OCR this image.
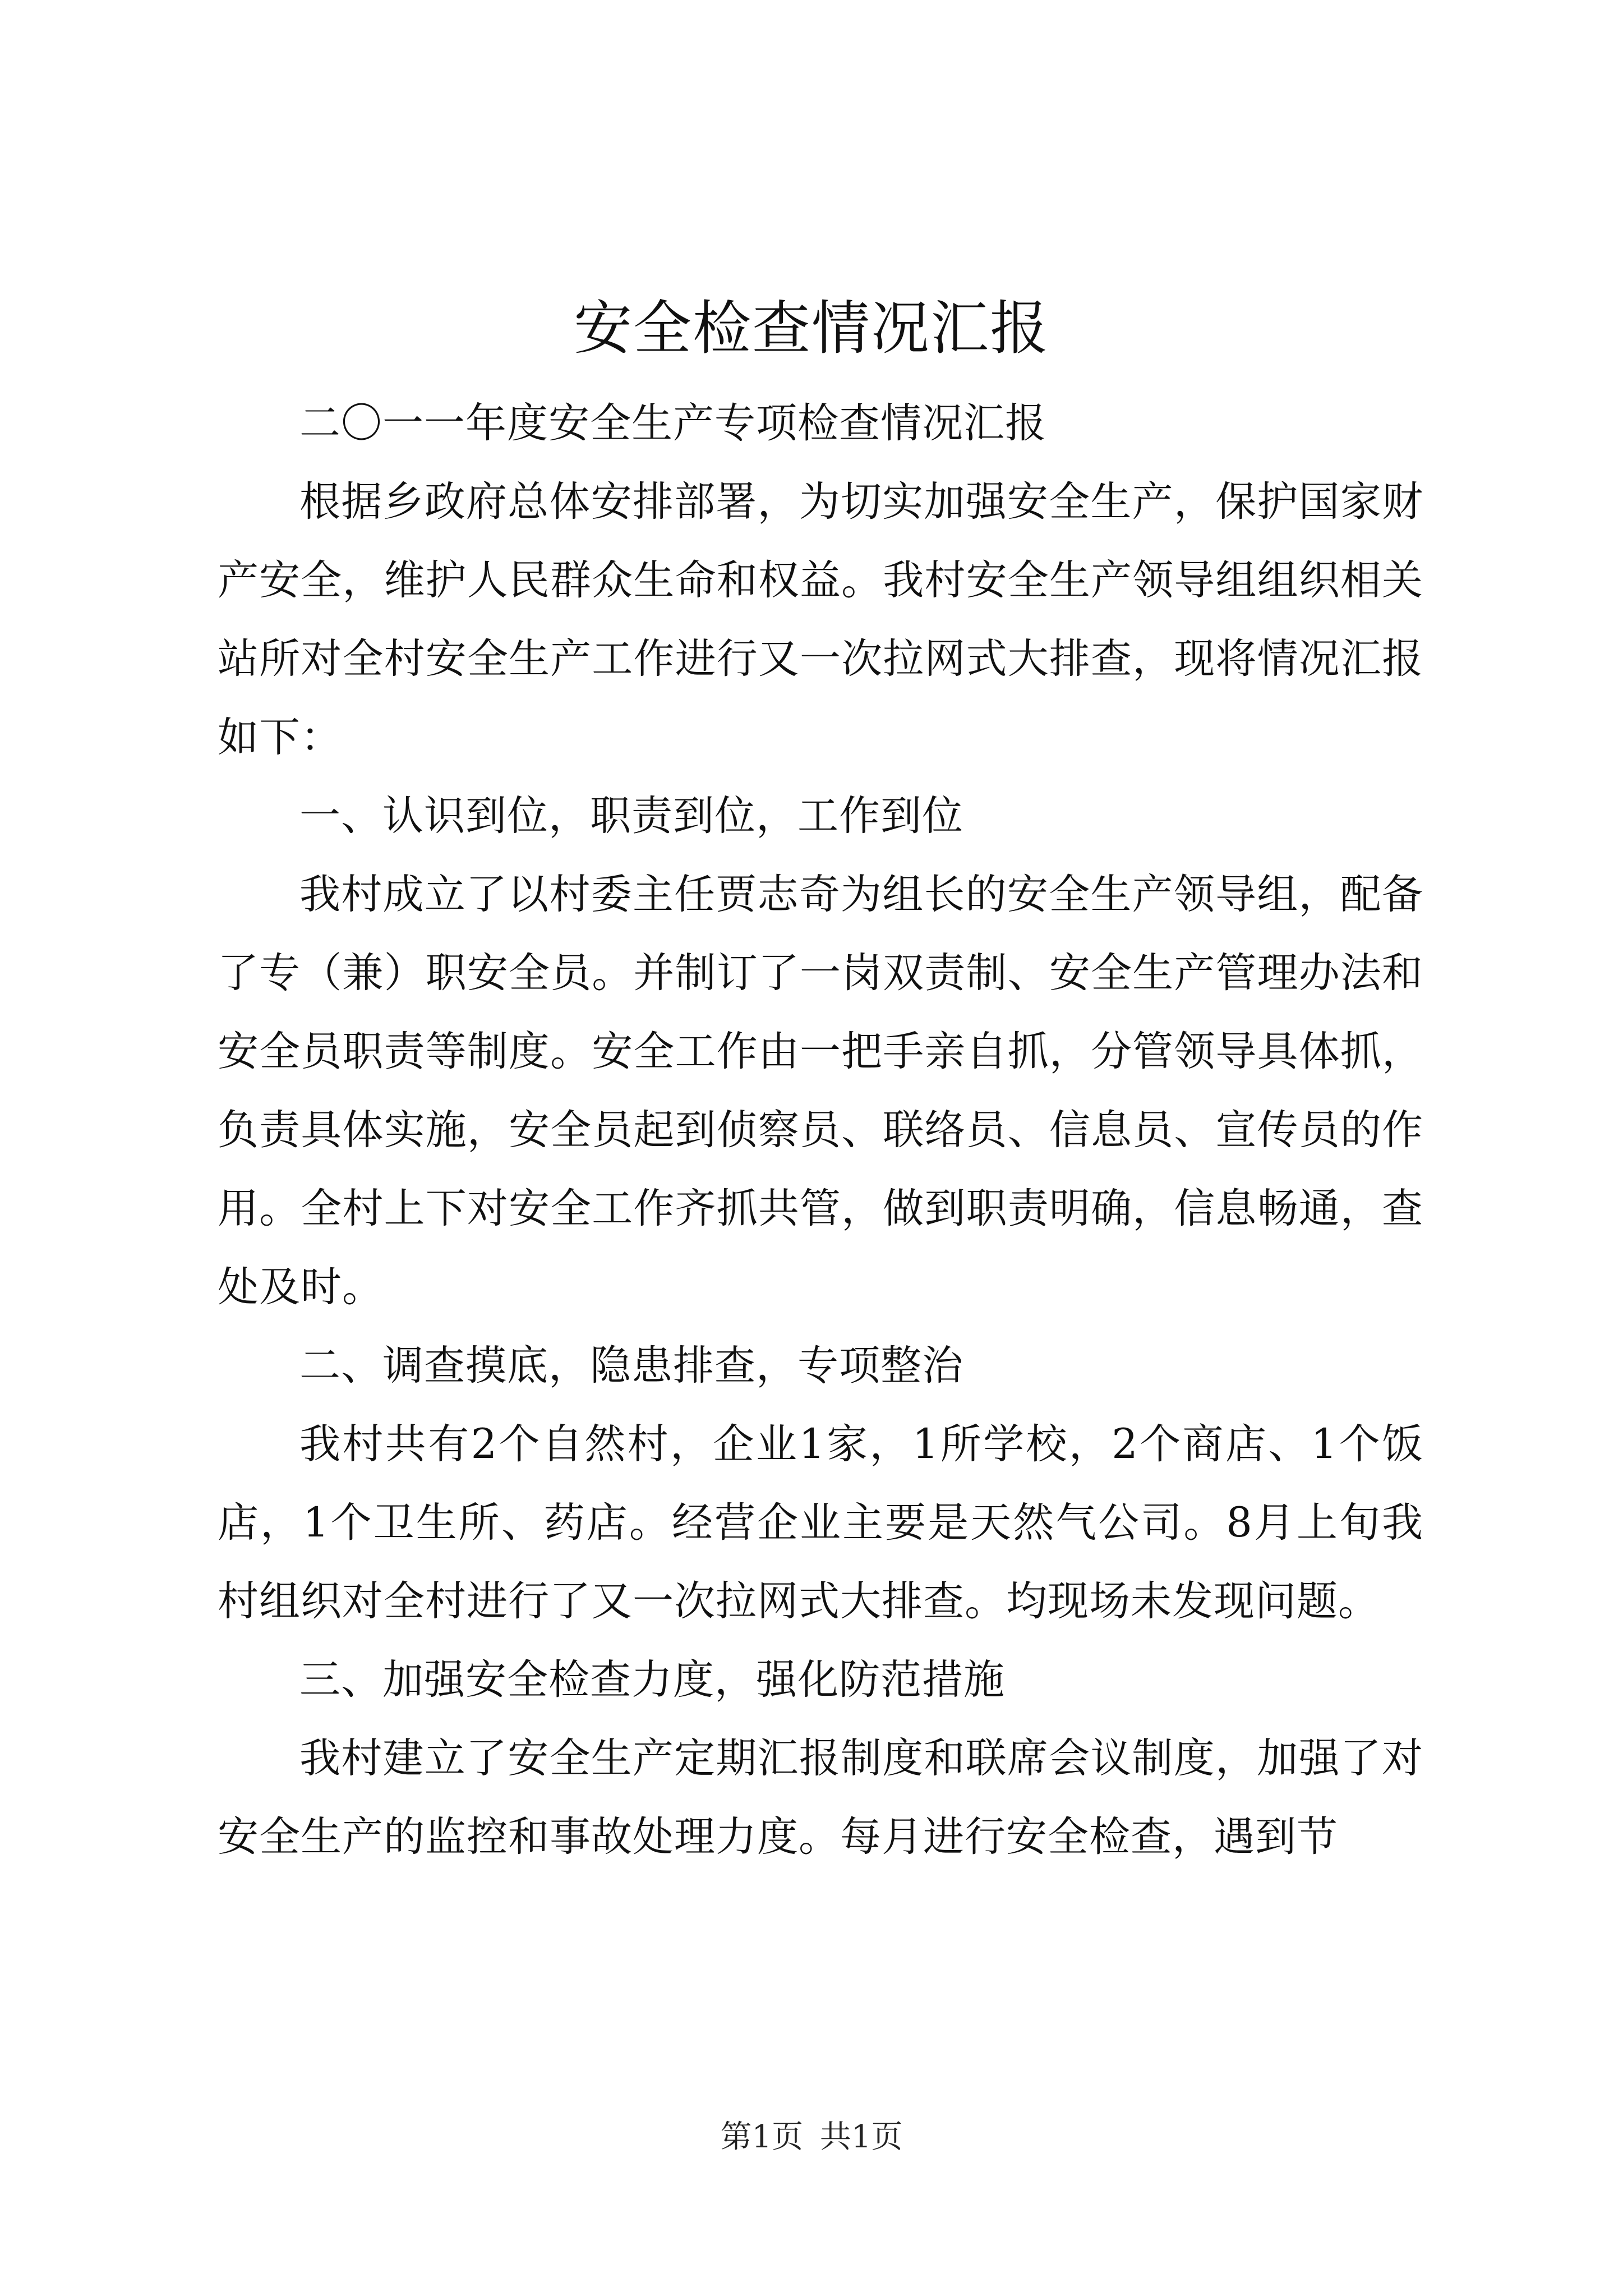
安全检查情况汇报

二〇一一年度安全生产专项检查情况汇报

根据乡政府总体安排部署，为切实加强安全生产，保护国家财产安全，维护人民群众生命和权益。我村安全生产领导组组织相关站所对全村安全生产工作进行又一次拉网式大排查，现将情况汇报如下：

一、认识到位，职责到位，工作到位

我村成立了以村委主任贾志奇为组长的安全生产领导组，配备了专（兼）职安全员。并制订了一岗双责制、安全生产管理办法和安全员职责等制度。安全工作由一把手亲自抓，分管领导具体抓，负责具体实施，安全员起到侦察员、联络员、信息员、宣传员的作用。全村上下对安全工作齐抓共管，做到职责明确，信息畅通，查处及时。

二、调查摸底，隐患排查，专项整治

我村共有2个自然村，企业1家，1所学校，2个商店、1个饭店，1个卫生所、药店。经营企业主要是天然气公司。8月上旬我村组织对全村进行了又一次拉网式大排查。均现场未发现问题。

三、加强安全检查力度，强化防范措施

我村建立了安全生产定期汇报制度和联席会议制度，加强了对安全生产的监控和事故处理力度。每月进行安全检查，遇到节

第1页 共1页
